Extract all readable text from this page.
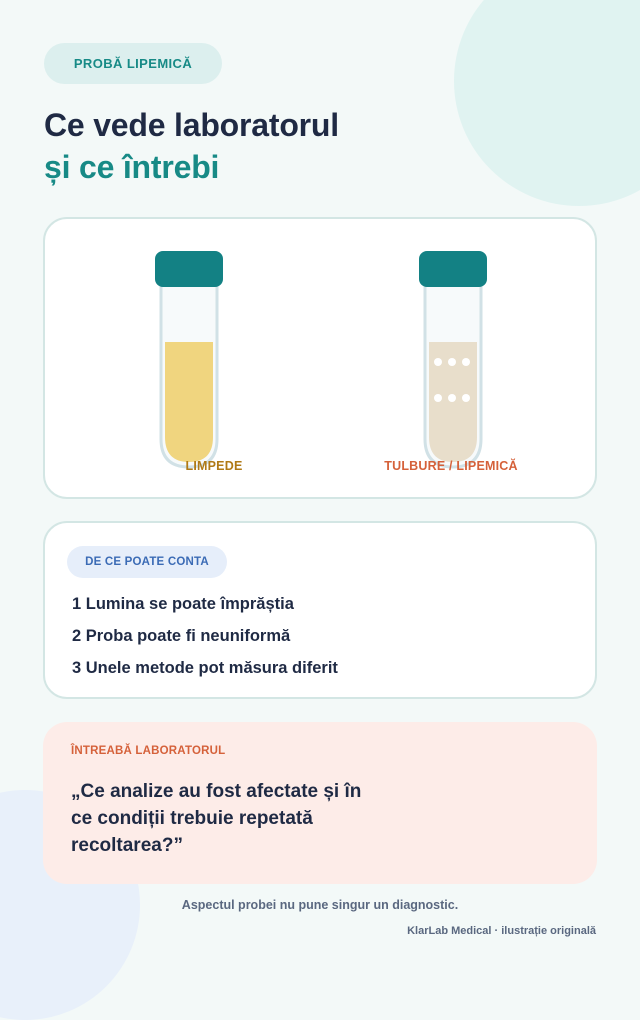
PROBĂ LIPEMICĂ
Ce vede laboratorul
și ce întrebi
LIMPEDE	TULBURE / LIPEMICĂ
DE CE POATE CONTA
1 Lumina se poate împrăștia
2 Proba poate fi neuniformă
3 Unele metode pot măsura diferit
ÎNTREABĂ LABORATORUL

„Ce analize au fost afectate și în ce condiții trebuie repetată recoltarea?”

Aspectul probei nu pune singur un diagnostic.
KlarLab Medical · ilustrație originală
